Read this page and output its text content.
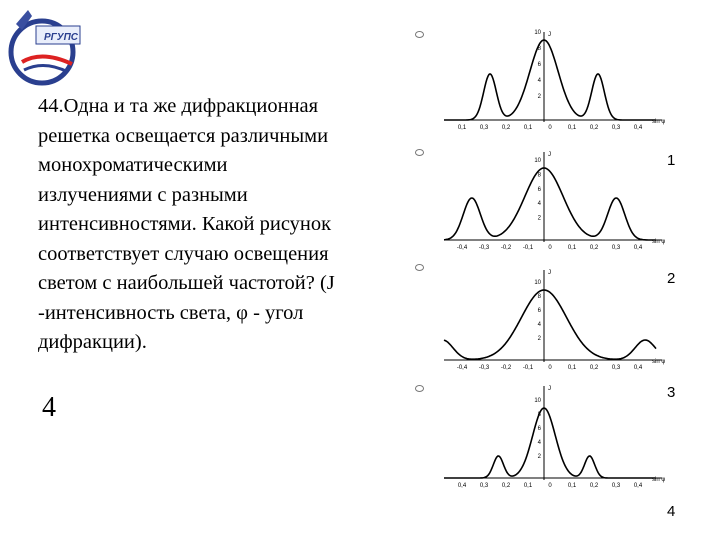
РГУПС

44.Одна и та же дифракционная
решетка освещается различными
монохроматическими
излучениями с разными
интенсивностями. Какой рисунок
соответствует случаю освещения
светом с наибольшей частотой? (J
-интенсивность света, φ - угол
дифракции).

4
1
2
3
4
0,1 0,3 0,2 0,1	0	0,1 0,2 0,3 0,4
10
8
6
4
2
sin φ
J
-0,4 -0,3 -0,2 -0,1	0	0,1 0,2 0,3 0,4
10
8
6
4
2
sin φ
J
-0,4 -0,3 -0,2 -0,1	0	0,1 0,2 0,3 0,4
10
8
6
4
2
sin φ
J
0,4 0,3 0,2 0,1	0	0,1 0,2 0,3 0,4
10
8
6
4
2
sin φ
J
